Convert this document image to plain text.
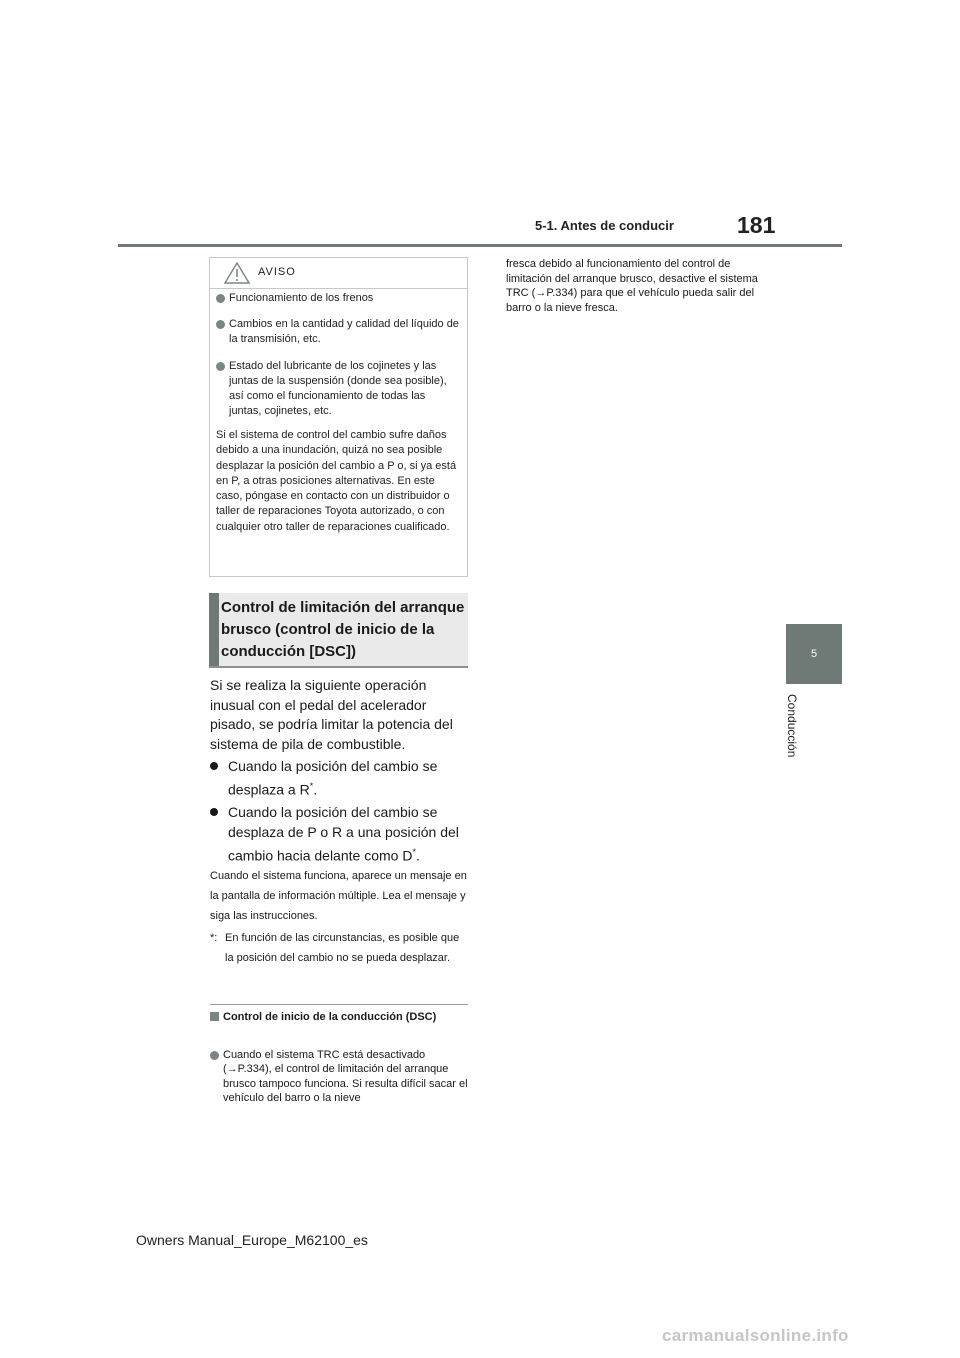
5-1. Antes de conducir	181
5
Conducción
AVISO
Funcionamiento de los frenos
Cambios en la cantidad y calidad del líquido de la transmisión, etc.
Estado del lubricante de los cojinetes y las juntas de la suspensión (donde sea posible), así como el funcionamiento de todas las juntas, cojinetes, etc.
Si el sistema de control del cambio sufre daños debido a una inundación, quizá no sea posible desplazar la posición del cambio a P o, si ya está en P, a otras posiciones alternativas. En este caso, póngase en contacto con un distribuidor o taller de reparaciones Toyota autorizado, o con cualquier otro taller de reparaciones cualificado.
Control de limitación del arranque brusco (control de inicio de la conducción [DSC])
Si se realiza la siguiente operación inusual con el pedal del acelerador pisado, se podría limitar la potencia del sistema de pila de combustible.
Cuando la posición del cambio se desplaza a R*.
Cuando la posición del cambio se desplaza de P o R a una posición del cambio hacia delante como D*.
Cuando el sistema funciona, aparece un mensaje en la pantalla de información múltiple. Lea el mensaje y siga las instrucciones.
*: En función de las circunstancias, es posible que la posición del cambio no se pueda desplazar.
Control de inicio de la conducción (DSC)
Cuando el sistema TRC está desactivado (→P.334), el control de limitación del arranque brusco tampoco funciona. Si resulta difícil sacar el vehículo del barro o la nieve
fresca debido al funcionamiento del control de limitación del arranque brusco, desactive el sistema TRC (→P.334) para que el vehículo pueda salir del barro o la nieve fresca.
Owners Manual_Europe_M62100_es
carmanualsonline.info
